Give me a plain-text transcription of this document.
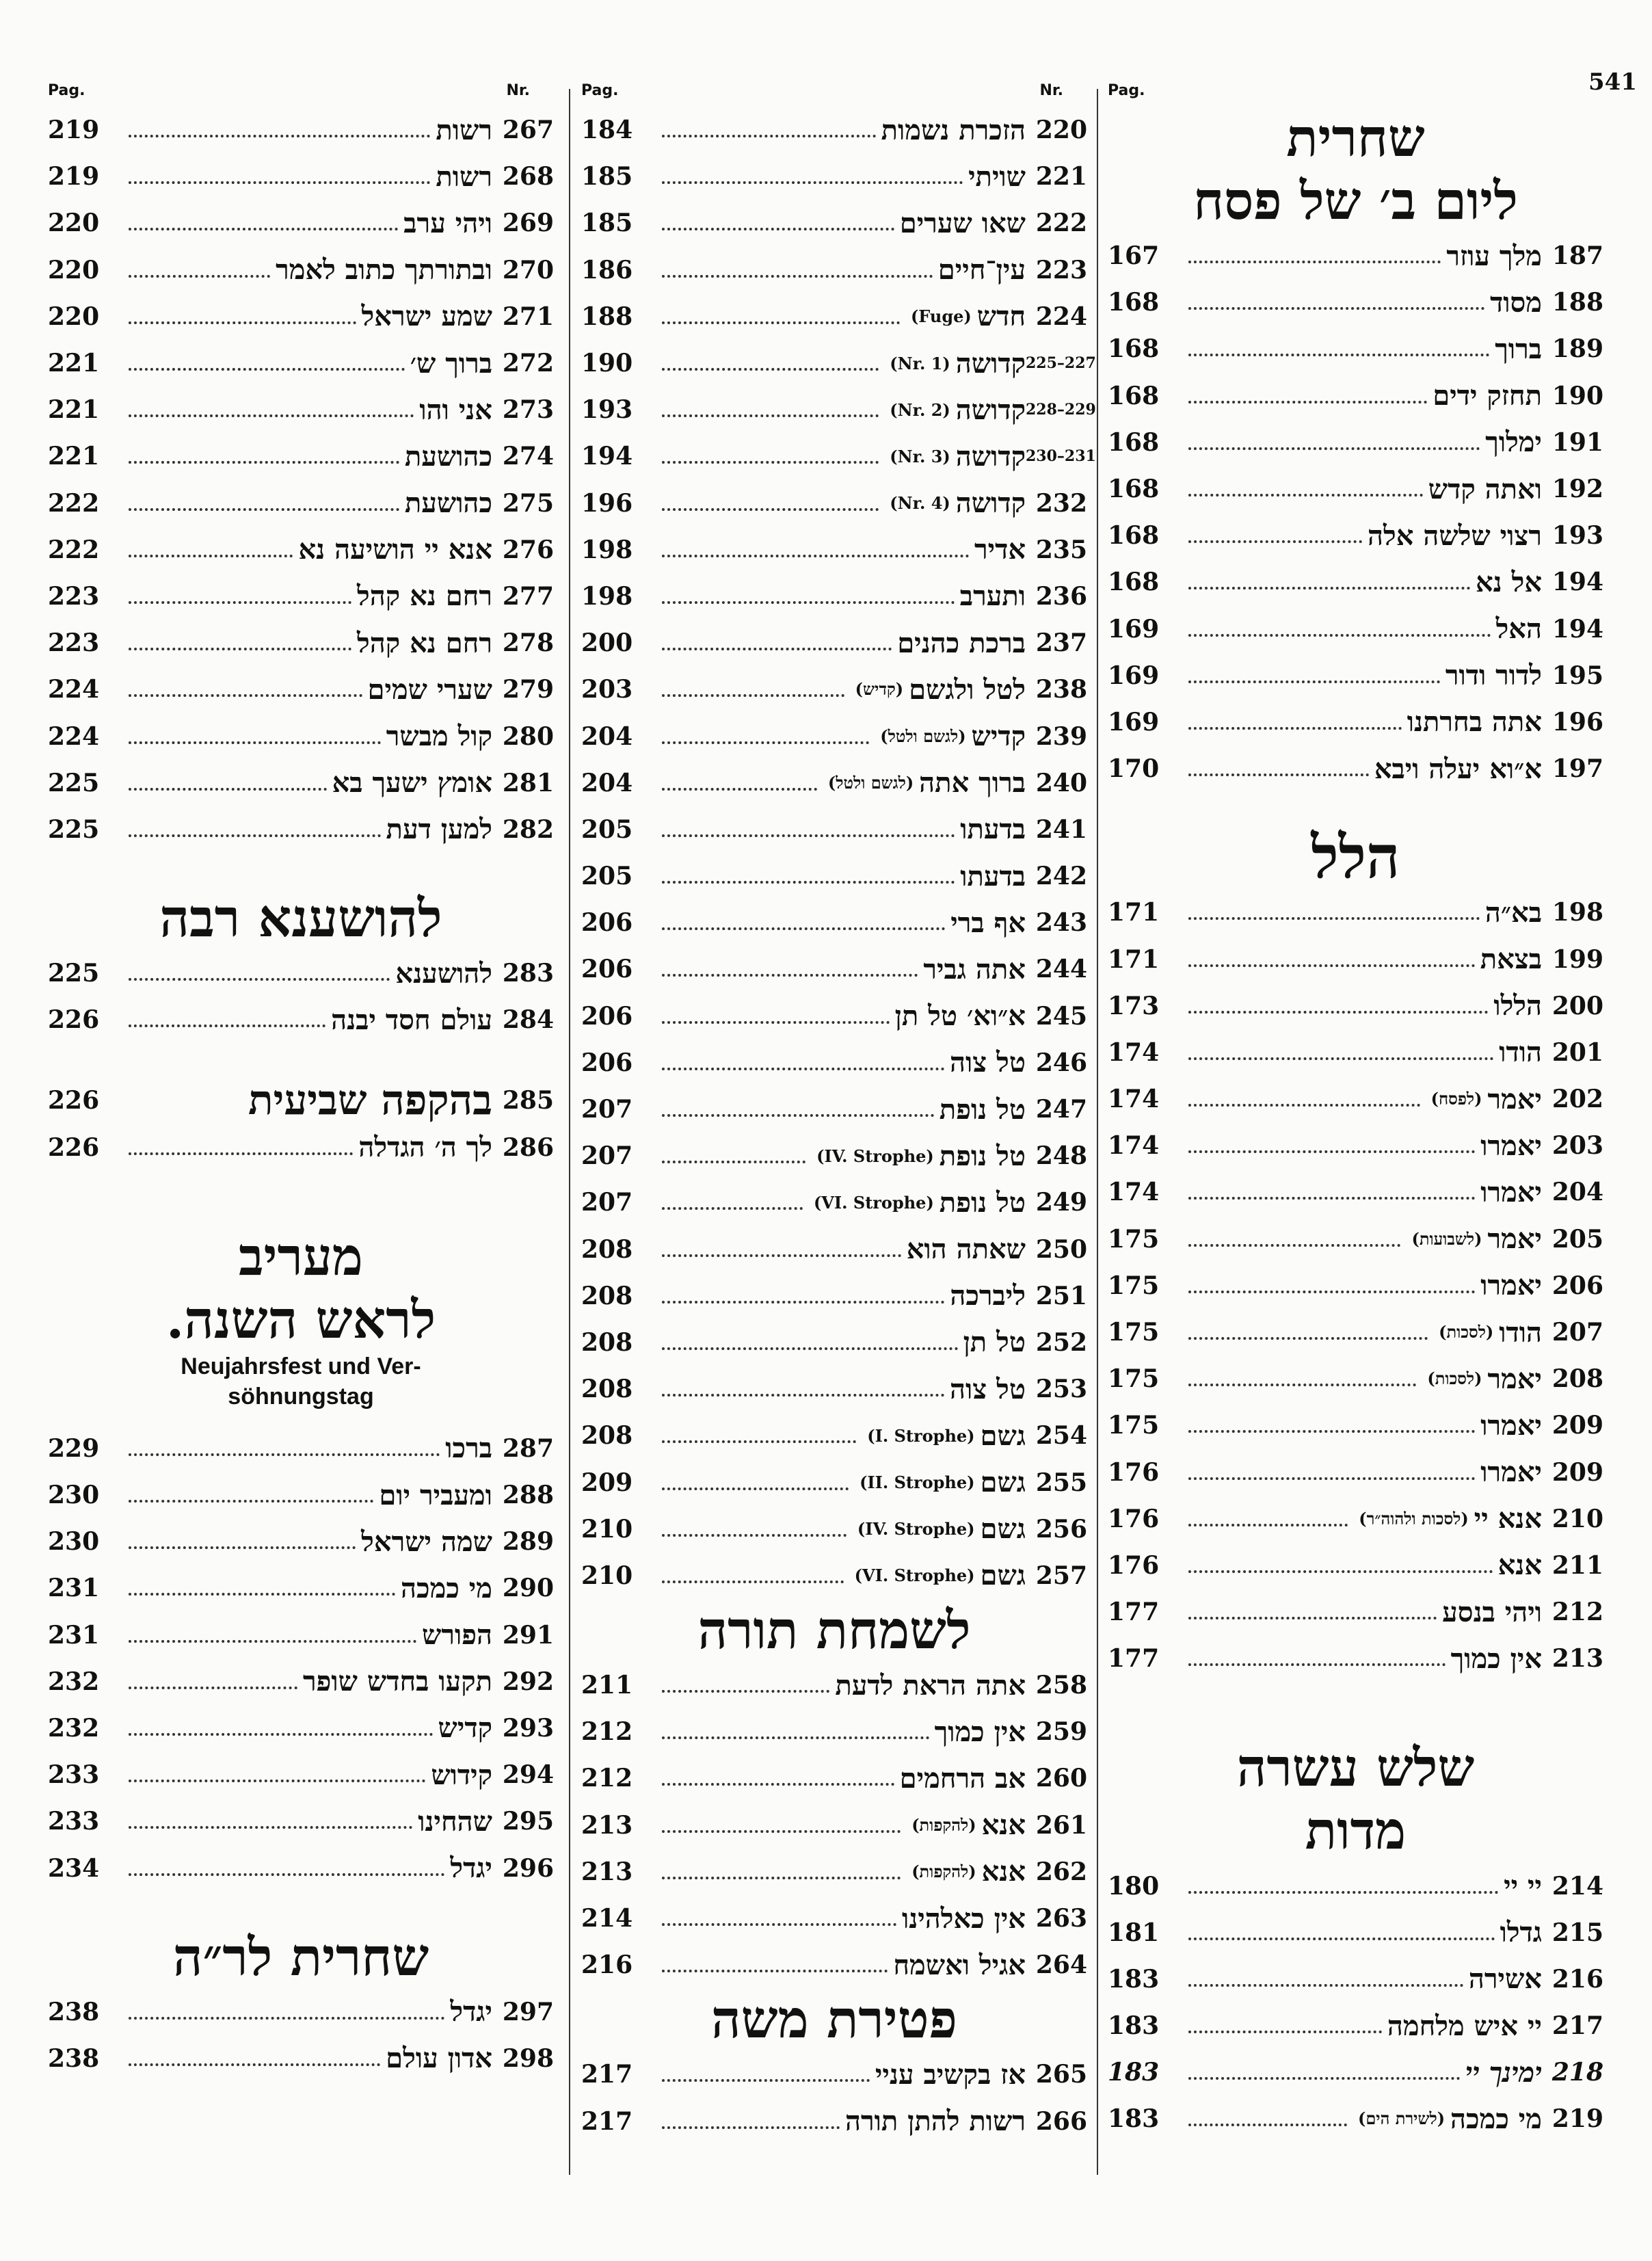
541
Pag.	Nr.
219	רשות 267
219	רשות 268
220	ויהי ערב 269
220	ובתורתך כתוב לאמר 270
220	שמע ישראל 271
221	ברוך ש׳ 272
221	אני והו 273
221	כהושעת 274
222	כהושעת 275
222	אנא יי הושיעה נא 276
223	רחם נא קהל 277
223	רחם נא קהל 278
224	שערי שמים 279
224	קול מבשר 280
225	אומץ ישעך בא 281
225	למען דעת 282
להושענא רבה
225	להושענא 283
226	עולם חסד יבנה 284
226	בהקפה שביעית 285
226	לך ה׳ הגדלה 286
מעריב
לראש השנה.
Neujahrsfest und Ver-
söhnungstag
229	ברכו 287
230	ומעביר יום 288
230	שמה ישראל 289
231	מי כמכה 290
231	הפורש 291
232	תקעו בחדש שופר 292
232	קדיש 293
233	קידוש 294
233	שהחינו 295
234	יגדל 296
שחרית לר״ה
238	יגדל 297
238	אדון עולם 298
Pag.	Nr.
184	הזכרת נשמות 220
185	שויתי 221
185	שאו שערים 222
186	עין־חיים 223
188	(Fuge) חדש 224
190	(Nr. 1) קדושה 225–227
193	(Nr. 2) קדושה 228–229
194	(Nr. 3) קדושה 230–231
196	(Nr. 4) קדושה 232
198	אדיר 235
198	ותערב 236
200	ברכת כהנים 237
203	(קדיש) לטל ולגשם 238
204	(לגשם ולטל) קדיש 239
204	(לגשם ולטל) ברוך אתה 240
205	בדעתו 241
205	בדעתו 242
206	אף ברי 243
206	אתה גביר 244
206	א״וא׳ טל תן 245
206	טל צוה 246
207	טל נופת 247
207	(IV. Strophe) טל נופת 248
207	(VI. Strophe) טל נופת 249
208	שאתה הוא 250
208	ליברכה 251
208	טל תן 252
208	טל צוה 253
208	(I. Strophe) גשם 254
209	(II. Strophe) גשם 255
210	(IV. Strophe) גשם 256
210	(VI. Strophe) גשם 257
לשמחת תורה
211	אתה הראת לדעת 258
212	אין כמוך 259
212	אב הרחמים 260
213	(להקפות) אנא 261
213	(להקפות) אנא 262
214	אין כאלהינו 263
216	אגיל ואשמח 264
פטירת משה
217	אז בקשיב עניי 265
217	רשות להתן תורה 266
Pag.
שחרית
ליום ב׳ של פסח
167	מלך עוזר 187
168	מסוד 188
168	ברוך 189
168	תחזק ידים 190
168	ימלוך 191
168	ואתה קדש 192
168	רצוי שלשה אלה 193
168	אל נא 194
169	האל 194
169	לדור ודור 195
169	אתה בחרתנו 196
170	א״וא יעלה ויבא 197
הלל
171	בא״ה 198
171	בצאת 199
173	הללו 200
174	הודו 201
174	(לפסח) יאמר 202
174	יאמרו 203
174	יאמרו 204
175	(לשבועות) יאמר 205
175	יאמרו 206
175	(לסכות) הודו 207
175	(לסכות) יאמר 208
175	יאמרו 209
176	יאמרו 209
176	(לסכות ולהוה״ר) אנא יי 210
176	אנא 211
177	ויהי בנסע 212
177	אין כמוך 213
שלש עשרה
מדות
180	יי יי 214
181	גדלו 215
183	אשירה 216
183	יי איש מלחמה 217
183	ימינך יי 218
183	(לשירת הים) מי כמכה 219
